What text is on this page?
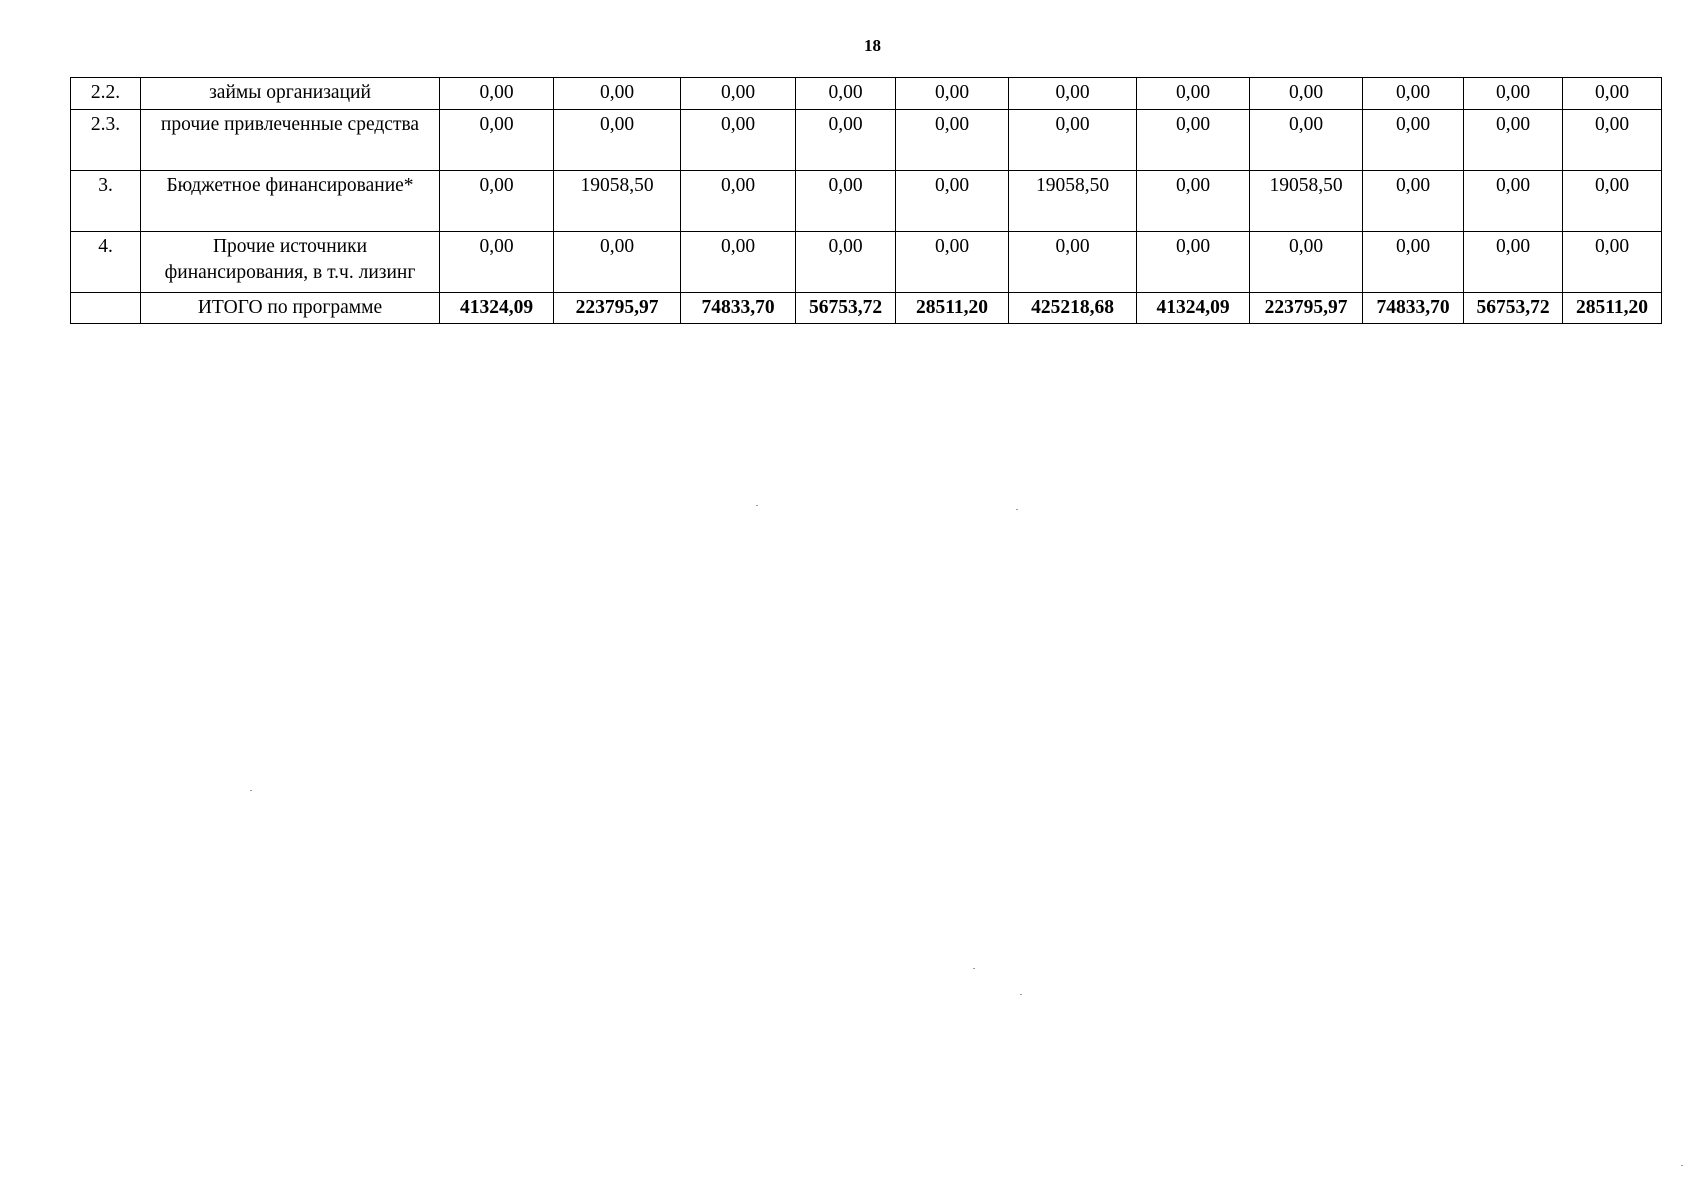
18
2.2.	займы организаций	0,00	0,00	0,00	0,00	0,00	0,00	0,00	0,00	0,00	0,00	0,00
2.3.	прочие привлеченные средства	0,00	0,00	0,00	0,00	0,00	0,00	0,00	0,00	0,00	0,00	0,00
3.	Бюджетное финансирование*	0,00	19058,50	0,00	0,00	0,00	19058,50	0,00	19058,50	0,00	0,00	0,00
4.	Прочие источники финансирования, в т.ч. лизинг	0,00	0,00	0,00	0,00	0,00	0,00	0,00	0,00	0,00	0,00	0,00
	ИТОГО по программе	41324,09	223795,97	74833,70	56753,72	28511,20	425218,68	41324,09	223795,97	74833,70	56753,72	28511,20
